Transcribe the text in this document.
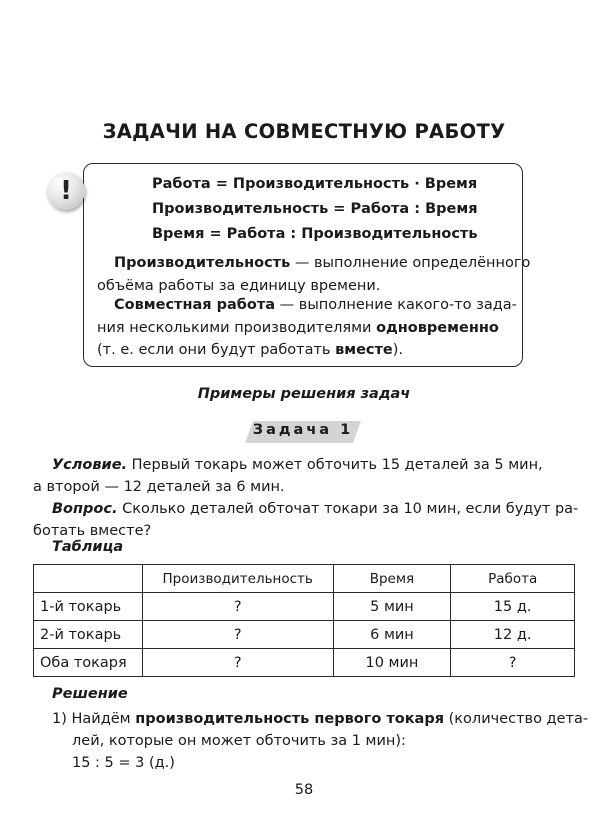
ЗАДАЧИ НА СОВМЕСТНУЮ РАБОТУ
!	Работа = Производительность · Время
Производительность = Работа : Время
Время = Работа : Производительность
Производительность — выполнение определённого
объёма работы за единицу времени.
Совместная работа — выполнение какого-то зада-
ния несколькими производителями одновременно
(т. е. если они будут работать вместе).
Примеры решения задач
Задача 1
Условие. Первый токарь может обточить 15 деталей за 5 мин,
а второй — 12 деталей за 6 мин.
Вопрос. Сколько деталей обточат токари за 10 мин, если будут ра-
ботать вместе?
Таблица
	Производительность	Время	Работа
1-й токарь	?	5 мин	15 д.
2-й токарь	?	6 мин	12 д.
Оба токаря	?	10 мин	?
Решение
1) Найдём производительность первого токаря (количество дета-
лей, которые он может обточить за 1 мин):
15 : 5 = 3 (д.)
58
